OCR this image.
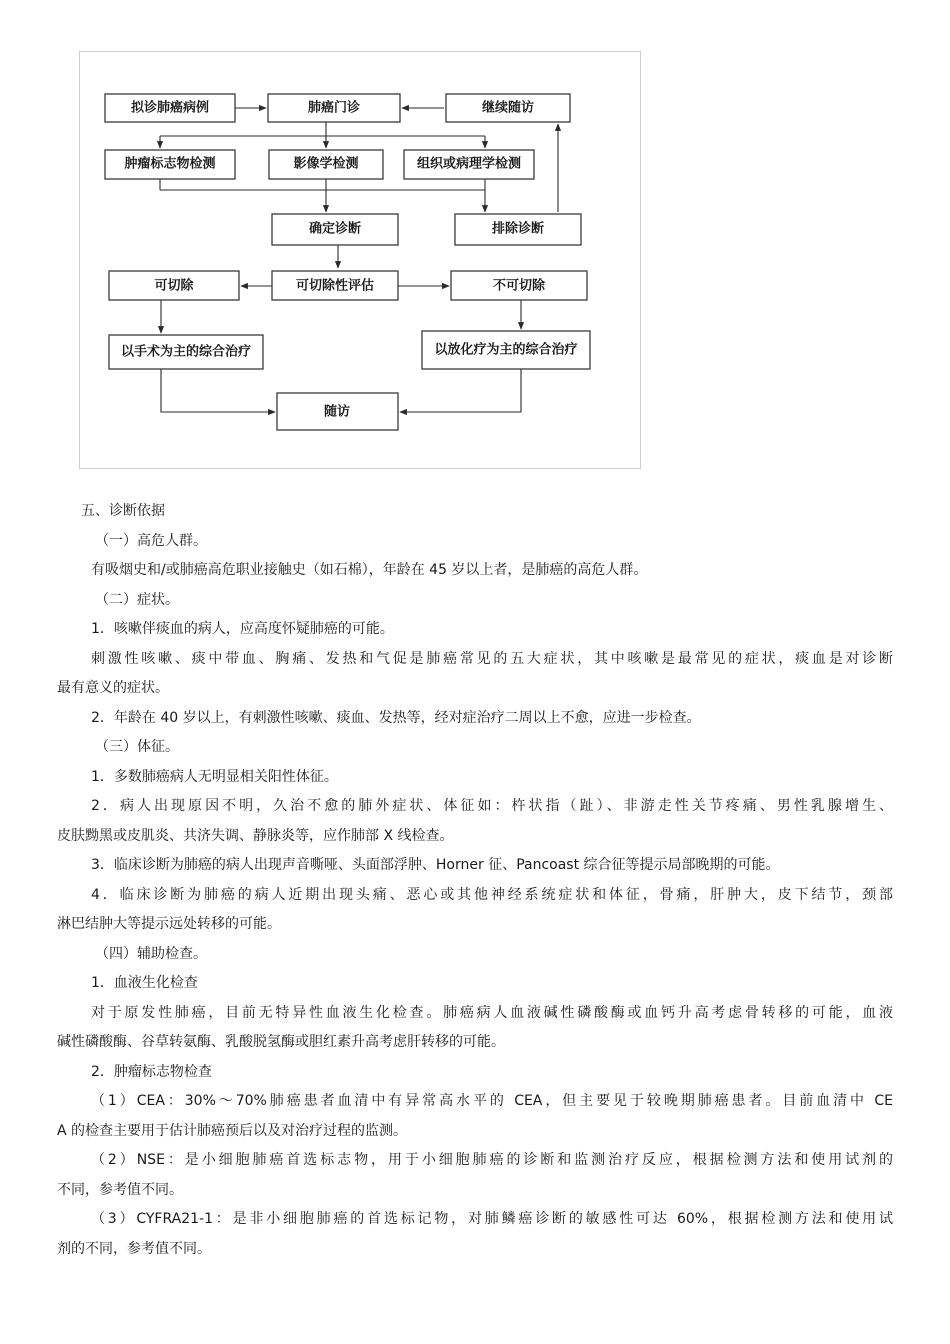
拟诊肺癌病例	肺癌门诊	继续随访
肿瘤标志物检测	影像学检测	组织或病理学检测
确定诊断	排除诊断
可切除	可切除性评估	不可切除
以手术为主的综合治疗	以放化疗为主的综合治疗
随访
五、诊断依据
（一）高危人群。
有吸烟史和/或肺癌高危职业接触史（如石棉），年龄在 45 岁以上者，是肺癌的高危人群。
（二）症状。
1．咳嗽伴痰血的病人，应高度怀疑肺癌的可能。
刺激性咳嗽、痰中带血、胸痛、发热和气促是肺癌常见的五大症状，其中咳嗽是最常见的症状，痰血是对诊断
最有意义的症状。
2．年龄在 40 岁以上，有刺激性咳嗽、痰血、发热等，经对症治疗二周以上不愈，应进一步检查。
（三）体征。
1．多数肺癌病人无明显相关阳性体征。
2．病人出现原因不明，久治不愈的肺外症状、体征如：杵状指（趾）、非游走性关节疼痛、男性乳腺增生、
皮肤黝黑或皮肌炎、共济失调、静脉炎等，应作肺部 X 线检查。
3．临床诊断为肺癌的病人出现声音嘶哑、头面部浮肿、Horner 征、Pancoast 综合征等提示局部晚期的可能。
4．临床诊断为肺癌的病人近期出现头痛、恶心或其他神经系统症状和体征，骨痛，肝肿大，皮下结节，颈部
淋巴结肿大等提示远处转移的可能。
（四）辅助检查。
1．血液生化检查
对于原发性肺癌，目前无特异性血液生化检查。肺癌病人血液碱性磷酸酶或血钙升高考虑骨转移的可能，血液
碱性磷酸酶、谷草转氨酶、乳酸脱氢酶或胆红素升高考虑肝转移的可能。
2．肿瘤标志物检查
（1）CEA：30%～70%肺癌患者血清中有异常高水平的 CEA，但主要见于较晚期肺癌患者。目前血清中 CE
A 的检查主要用于估计肺癌预后以及对治疗过程的监测。
（2）NSE：是小细胞肺癌首选标志物，用于小细胞肺癌的诊断和监测治疗反应，根据检测方法和使用试剂的
不同，参考值不同。
（3）CYFRA21-1：是非小细胞肺癌的首选标记物，对肺鳞癌诊断的敏感性可达 60%，根据检测方法和使用试
剂的不同，参考值不同。
